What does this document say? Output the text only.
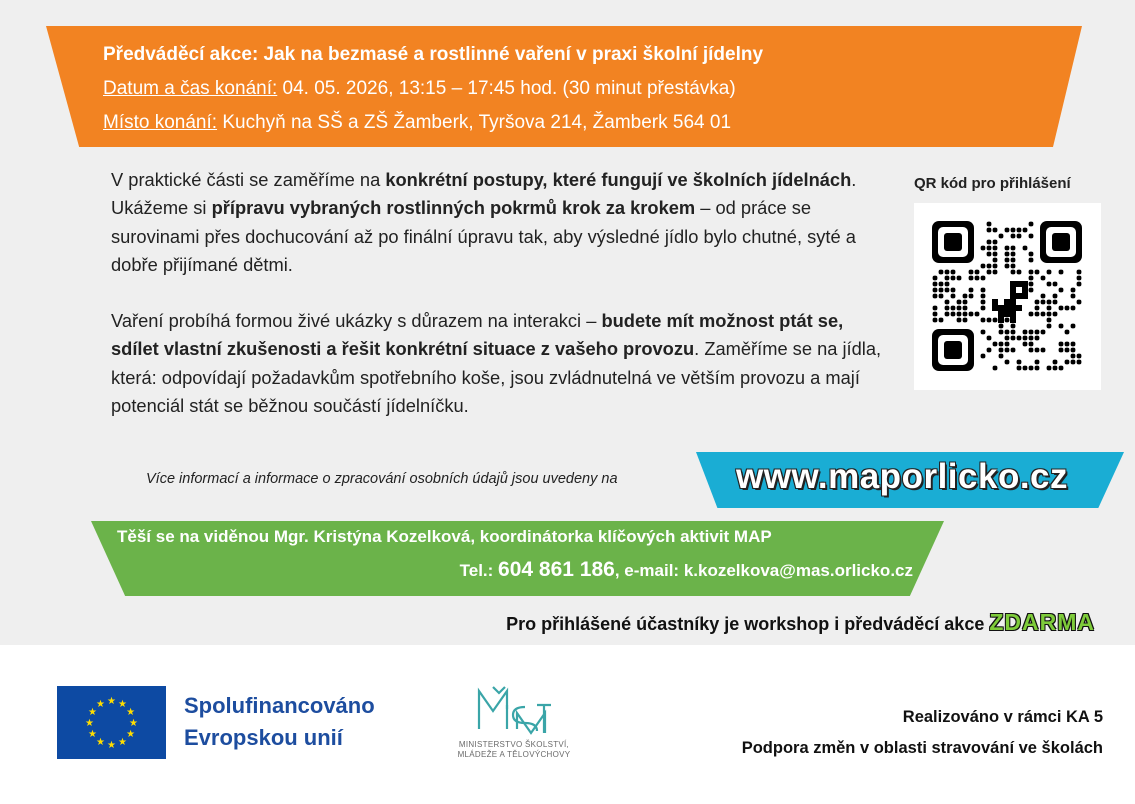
Předváděcí akce: Jak na bezmasé a rostlinné vaření v praxi školní jídelny
Datum a čas konání: 04. 05. 2026, 13:15 – 17:45 hod. (30 minut přestávka)
Místo konání: Kuchyň na SŠ a ZŠ Žamberk, Tyršova 214, Žamberk 564 01

V praktické části se zaměříme na konkrétní postupy, které fungují ve školních jídelnách. Ukážeme si přípravu vybraných rostlinných pokrmů krok za krokem – od práce se surovinami přes dochucování až po finální úpravu tak, aby výsledné jídlo bylo chutné, syté a dobře přijímané dětmi.

Vaření probíhá formou živé ukázky s důrazem na interakci – budete mít možnost ptát se, sdílet vlastní zkušenosti a řešit konkrétní situace z vašeho provozu. Zaměříme se na jídla, která: odpovídají požadavkům spotřebního koše, jsou zvládnutelná ve větším provozu a mají potenciál stát se běžnou součástí jídelníčku.

QR kód pro přihlášení
Více informací a informace o zpracování osobních údajů jsou uvedeny na	www.maporlicko.cz
Těší se na viděnou Mgr. Kristýna Kozelková, koordinátorka klíčových aktivit MAP
Tel.: 604 861 186, e-mail: k.kozelkova@mas.orlicko.cz
Pro přihlášené účastníky je workshop i předváděcí akce ZDARMA
★ ★
★
★
★
★
★
★
★
★
★
★	Spolufinancováno
Evropskou unií	MINISTERSTVO ŠKOLSTVÍ,
MLÁDEŽE A TĚLOVÝCHOVY
Realizováno v rámci KA 5
Podpora změn v oblasti stravování ve školách
